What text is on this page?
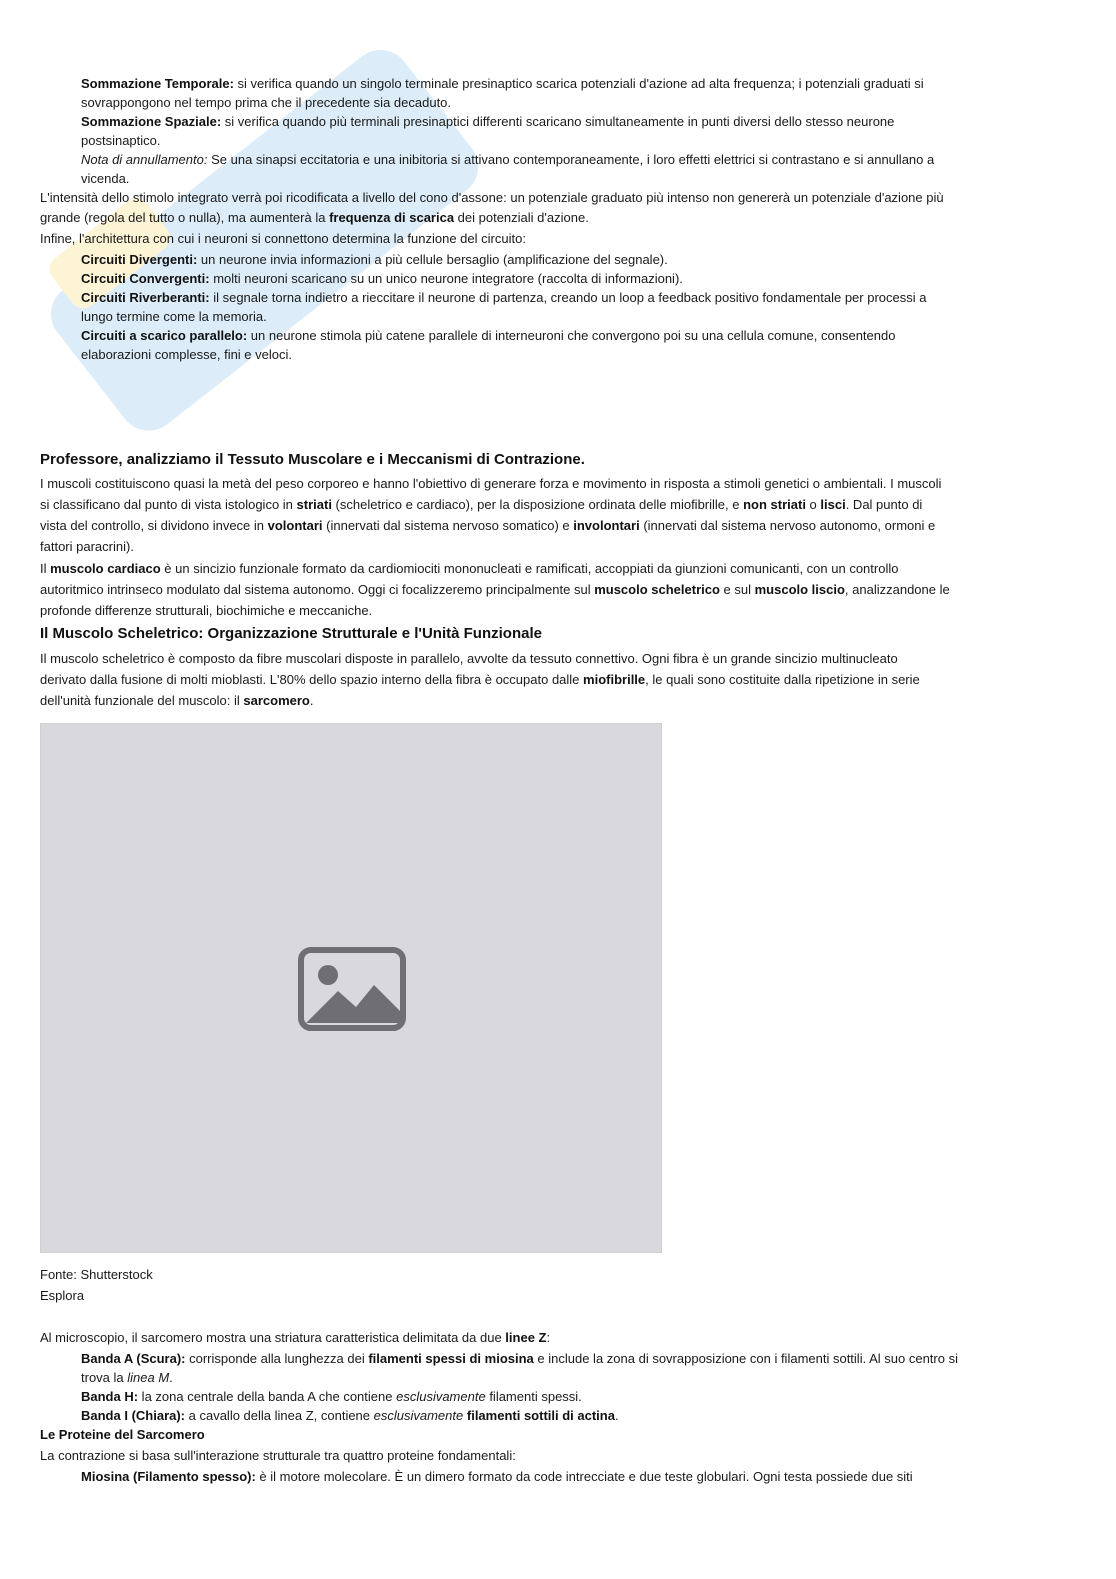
Sommazione Temporale: si verifica quando un singolo terminale presinaptico scarica potenziali d'azione ad alta frequenza; i potenziali graduati si
sovrappongono nel tempo prima che il precedente sia decaduto.
Sommazione Spaziale: si verifica quando più terminali presinaptici differenti scaricano simultaneamente in punti diversi dello stesso neurone
postsinaptico.
Nota di annullamento: Se una sinapsi eccitatoria e una inibitoria si attivano contemporaneamente, i loro effetti elettrici si contrastano e si annullano a
vicenda.
L'intensità dello stimolo integrato verrà poi ricodificata a livello del cono d'assone: un potenziale graduato più intenso non genererà un potenziale d'azione più
grande (regola del tutto o nulla), ma aumenterà la frequenza di scarica dei potenziali d'azione.
Infine, l'architettura con cui i neuroni si connettono determina la funzione del circuito:
Circuiti Divergenti: un neurone invia informazioni a più cellule bersaglio (amplificazione del segnale).
Circuiti Convergenti: molti neuroni scaricano su un unico neurone integratore (raccolta di informazioni).
Circuiti Riverberanti: il segnale torna indietro a rieccitare il neurone di partenza, creando un loop a feedback positivo fondamentale per processi a
lungo termine come la memoria.
Circuiti a scarico parallelo: un neurone stimola più catene parallele di interneuroni che convergono poi su una cellula comune, consentendo
elaborazioni complesse, fini e veloci.
Professore, analizziamo il Tessuto Muscolare e i Meccanismi di Contrazione.
I muscoli costituiscono quasi la metà del peso corporeo e hanno l'obiettivo di generare forza e movimento in risposta a stimoli genetici o ambientali. I muscoli
si classificano dal punto di vista istologico in striati (scheletrico e cardiaco), per la disposizione ordinata delle miofibrille, e non striati o lisci. Dal punto di
vista del controllo, si dividono invece in volontari (innervati dal sistema nervoso somatico) e involontari (innervati dal sistema nervoso autonomo, ormoni e
fattori paracrini).
Il muscolo cardiaco è un sincizio funzionale formato da cardiomiociti mononucleati e ramificati, accoppiati da giunzioni comunicanti, con un controllo
autoritmico intrinseco modulato dal sistema autonomo. Oggi ci focalizzeremo principalmente sul muscolo scheletrico e sul muscolo liscio, analizzandone le
profonde differenze strutturali, biochimiche e meccaniche.
Il Muscolo Scheletrico: Organizzazione Strutturale e l'Unità Funzionale
Il muscolo scheletrico è composto da fibre muscolari disposte in parallelo, avvolte da tessuto connettivo. Ogni fibra è un grande sincizio multinucleato
derivato dalla fusione di molti mioblasti. L'80% dello spazio interno della fibra è occupato dalle miofibrille, le quali sono costituite dalla ripetizione in serie
dell'unità funzionale del muscolo: il sarcomero.
Fonte: Shutterstock
Esplora
Al microscopio, il sarcomero mostra una striatura caratteristica delimitata da due linee Z:
Banda A (Scura): corrisponde alla lunghezza dei filamenti spessi di miosina e include la zona di sovrapposizione con i filamenti sottili. Al suo centro si
trova la linea M.
Banda H: la zona centrale della banda A che contiene esclusivamente filamenti spessi.
Banda I (Chiara): a cavallo della linea Z, contiene esclusivamente filamenti sottili di actina.
Le Proteine del Sarcomero
La contrazione si basa sull'interazione strutturale tra quattro proteine fondamentali:
Miosina (Filamento spesso): è il motore molecolare. È un dimero formato da code intrecciate e due teste globulari. Ogni testa possiede due siti
